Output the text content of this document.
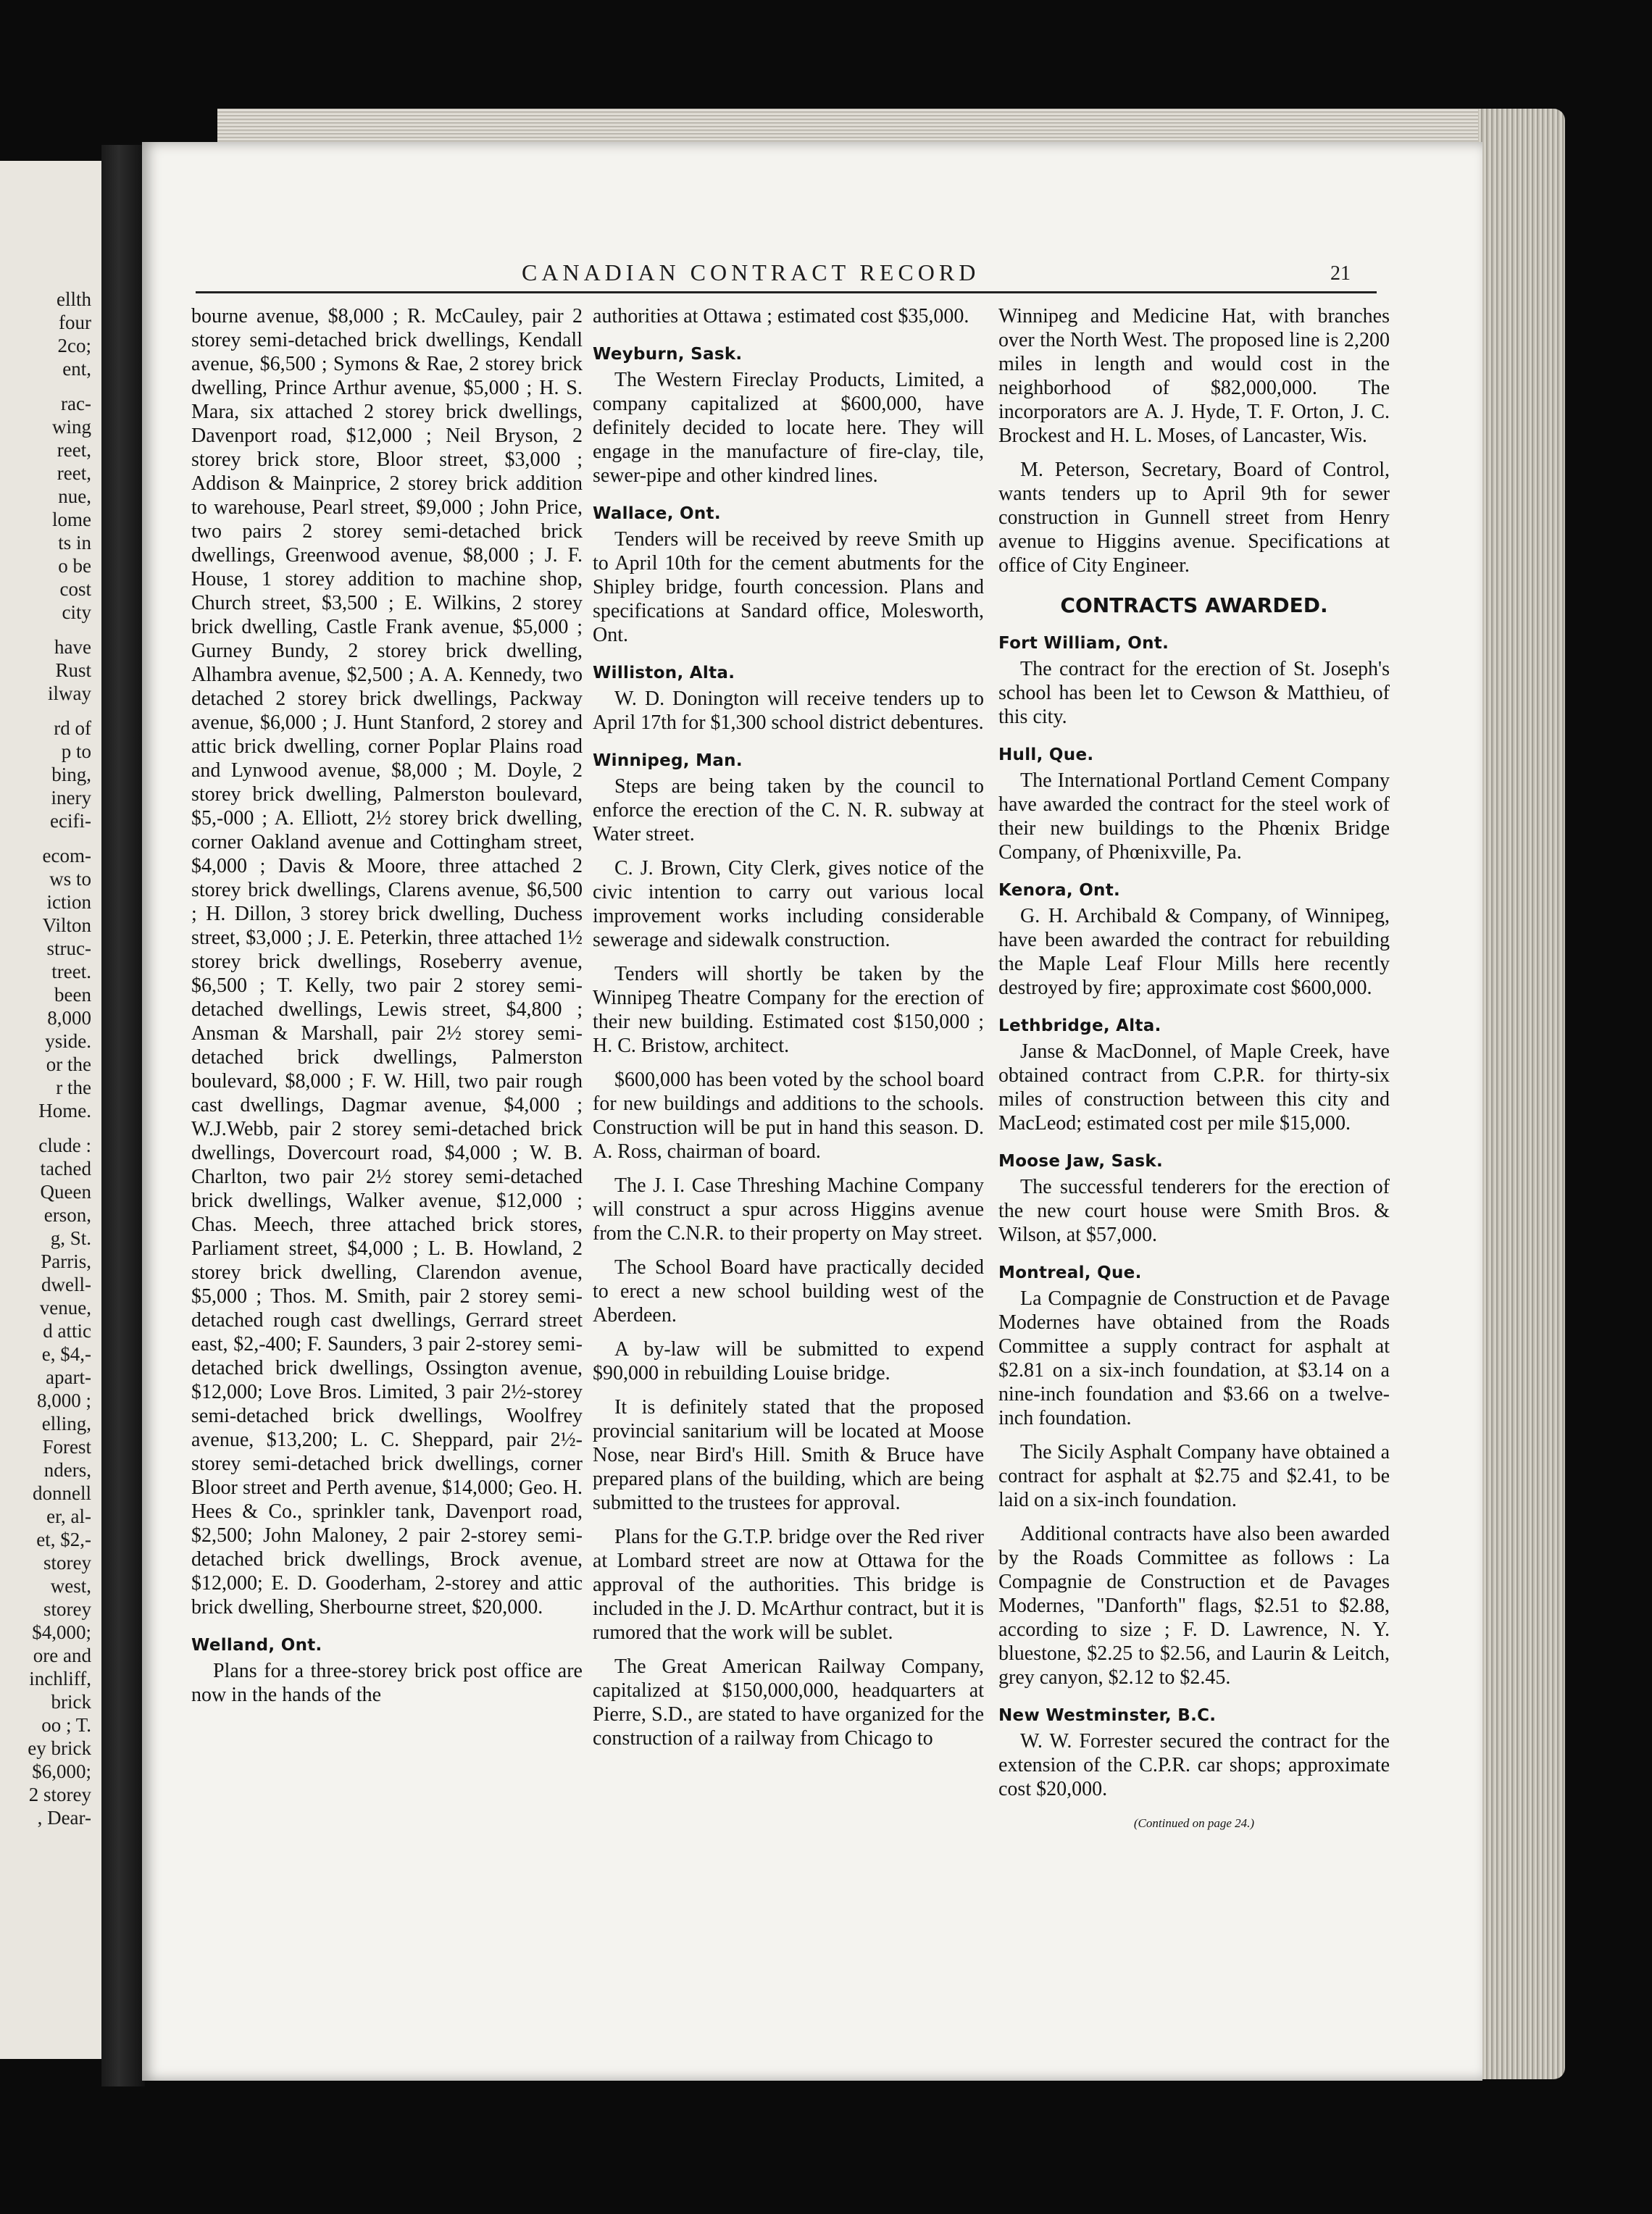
ellth
four
2co;
ent,
rac-
wing
reet,
reet,
nue,
lome
ts in
o be
cost
city
have
Rust
ilway
rd of
p to
bing,
inery
ecifi-
ecom-
ws to
iction
Vilton
struc-
treet.
been
8,000
yside.
or the
r the
Home.
clude :
tached
Queen
erson,
g, St.
Parris,
dwell-
venue,
d attic
e, $4,-
apart-
8,000 ;
elling,
Forest
nders,
donnell
er, al-
et, $2,-
storey
west,
storey
$4,000;
ore and
inchliff,
brick
oo ; T.
ey brick
$6,000;
2 storey
, Dear-
CANADIAN CONTRACT RECORD	21

bourne avenue, $8,000 ; R. McCauley, pair 2 storey semi-detached brick dwellings, Kendall avenue, $6,500 ; Symons & Rae, 2 storey brick dwelling, Prince Arthur avenue, $5,000 ; H. S. Mara, six attached 2 storey brick dwellings, Davenport road, $12,000 ; Neil Bryson, 2 storey brick store, Bloor street, $3,000 ; Addison & Mainprice, 2 storey brick addition to warehouse, Pearl street, $9,000 ; John Price, two pairs 2 storey semi-detached brick dwellings, Greenwood avenue, $8,000 ; J. F. House, 1 storey addition to machine shop, Church street, $3,500 ; E. Wilkins, 2 storey brick dwelling, Castle Frank avenue, $5,000 ; Gurney Bundy, 2 storey brick dwelling, Alhambra avenue, $2,500 ; A. A. Kennedy, two detached 2 storey brick dwellings, Packway avenue, $6,000 ; J. Hunt Stanford, 2 storey and attic brick dwelling, corner Poplar Plains road and Lynwood avenue, $8,000 ; M. Doyle, 2 storey brick dwelling, Palmerston boulevard, $5,-000 ; A. Elliott, 2½ storey brick dwelling, corner Oakland avenue and Cottingham street, $4,000 ; Davis & Moore, three attached 2 storey brick dwellings, Clarens avenue, $6,500 ; H. Dillon, 3 storey brick dwelling, Duchess street, $3,000 ; J. E. Peterkin, three attached 1½ storey brick dwellings, Roseberry avenue, $6,500 ; T. Kelly, two pair 2 storey semi-detached dwellings, Lewis street, $4,800 ; Ansman & Marshall, pair 2½ storey semi-detached brick dwellings, Palmerston boulevard, $8,000 ; F. W. Hill, two pair rough cast dwellings, Dagmar avenue, $4,000 ; W.J.Webb, pair 2 storey semi-detached brick dwellings, Dovercourt road, $4,000 ; W. B. Charlton, two pair 2½ storey semi-detached brick dwellings, Walker avenue, $12,000 ; Chas. Meech, three attached brick stores, Parliament street, $4,000 ; L. B. Howland, 2 storey brick dwelling, Clarendon avenue, $5,000 ; Thos. M. Smith, pair 2 storey semi-detached rough cast dwellings, Gerrard street east, $2,-400; F. Saunders, 3 pair 2-storey semi-detached brick dwellings, Ossington avenue, $12,000; Love Bros. Limited, 3 pair 2½-storey semi-detached brick dwellings, Woolfrey avenue, $13,200; L. C. Sheppard, pair 2½-storey semi-detached brick dwellings, corner Bloor street and Perth avenue, $14,000; Geo. H. Hees & Co., sprinkler tank, Davenport road, $2,500; John Maloney, 2 pair 2-storey semi-detached brick dwellings, Brock avenue, $12,000; E. D. Gooderham, 2-storey and attic brick dwelling, Sherbourne street, $20,000.

Welland, Ont.

Plans for a three-storey brick post office are now in the hands of the

authorities at Ottawa ; estimated cost $35,000.

Weyburn, Sask.

The Western Fireclay Products, Limited, a company capitalized at $600,000, have definitely decided to locate here. They will engage in the manufacture of fire-clay, tile, sewer-pipe and other kindred lines.

Wallace, Ont.

Tenders will be received by reeve Smith up to April 10th for the cement abutments for the Shipley bridge, fourth concession. Plans and specifications at Sandard office, Molesworth, Ont.

Williston, Alta.

W. D. Donington will receive tenders up to April 17th for $1,300 school district debentures.

Winnipeg, Man.

Steps are being taken by the council to enforce the erection of the C. N. R. subway at Water street.

C. J. Brown, City Clerk, gives notice of the civic intention to carry out various local improvement works including considerable sewerage and sidewalk construction.

Tenders will shortly be taken by the Winnipeg Theatre Company for the erection of their new building. Estimated cost $150,000 ; H. C. Bristow, architect.

$600,000 has been voted by the school board for new buildings and additions to the schools. Construction will be put in hand this season. D. A. Ross, chairman of board.

The J. I. Case Threshing Machine Company will construct a spur across Higgins avenue from the C.N.R. to their property on May street.

The School Board have practically decided to erect a new school building west of the Aberdeen.

A by-law will be submitted to expend $90,000 in rebuilding Louise bridge.

It is definitely stated that the proposed provincial sanitarium will be located at Moose Nose, near Bird's Hill. Smith & Bruce have prepared plans of the building, which are being submitted to the trustees for approval.

Plans for the G.T.P. bridge over the Red river at Lombard street are now at Ottawa for the approval of the authorities. This bridge is included in the J. D. McArthur contract, but it is rumored that the work will be sublet.

The Great American Railway Company, capitalized at $150,000,000, headquarters at Pierre, S.D., are stated to have organized for the construction of a railway from Chicago to

Winnipeg and Medicine Hat, with branches over the North West. The proposed line is 2,200 miles in length and would cost in the neighborhood of $82,000,000. The incorporators are A. J. Hyde, T. F. Orton, J. C. Brockest and H. L. Moses, of Lancaster, Wis.

M. Peterson, Secretary, Board of Control, wants tenders up to April 9th for sewer construction in Gunnell street from Henry avenue to Higgins avenue. Specifications at office of City Engineer.

CONTRACTS AWARDED.
Fort William, Ont.

The contract for the erection of St. Joseph's school has been let to Cewson & Matthieu, of this city.

Hull, Que.

The International Portland Cement Company have awarded the contract for the steel work of their new buildings to the Phœnix Bridge Company, of Phœnixville, Pa.

Kenora, Ont.

G. H. Archibald & Company, of Winnipeg, have been awarded the contract for rebuilding the Maple Leaf Flour Mills here recently destroyed by fire; approximate cost $600,000.

Lethbridge, Alta.

Janse & MacDonnel, of Maple Creek, have obtained contract from C.P.R. for thirty-six miles of construction between this city and MacLeod; estimated cost per mile $15,000.

Moose Jaw, Sask.

The successful tenderers for the erection of the new court house were Smith Bros. & Wilson, at $57,000.

Montreal, Que.

La Compagnie de Construction et de Pavage Modernes have obtained from the Roads Committee a supply contract for asphalt at $2.81 on a six-inch foundation, at $3.14 on a nine-inch foundation and $3.66 on a twelve-inch foundation.

The Sicily Asphalt Company have obtained a contract for asphalt at $2.75 and $2.41, to be laid on a six-inch foundation.

Additional contracts have also been awarded by the Roads Committee as follows : La Compagnie de Construction et de Pavages Modernes, "Danforth" flags, $2.51 to $2.88, according to size ; F. D. Lawrence, N. Y. bluestone, $2.25 to $2.56, and Laurin & Leitch, grey canyon, $2.12 to $2.45.

New Westminster, B.C.

W. W. Forrester secured the contract for the extension of the C.P.R. car shops; approximate cost $20,000.

(Continued on page 24.)
